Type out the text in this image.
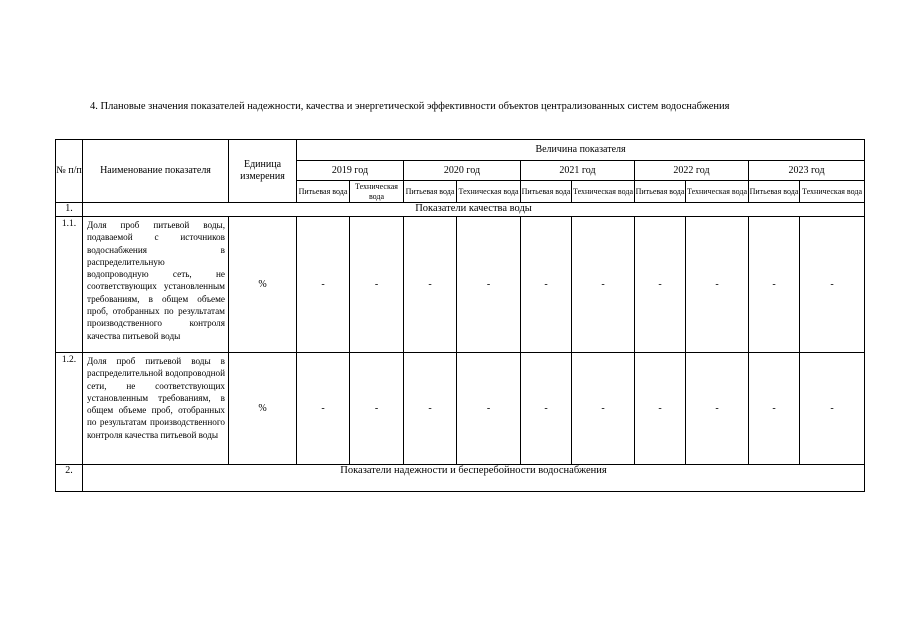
4. Плановые значения показателей надежности, качества и энергетической эффективности объектов централизованных систем водоснабжения
№ п/п	Наименование показателя	Единица измерения	Величина показателя									
			2019 год		2020 год		2021 год		2022 год		2023 год	
			Питьевая вода	Техническая вода	Питьевая вода	Техническая вода	Питьевая вода	Техническая вода	Питьевая вода	Техническая вода	Питьевая вода	Техническая вода
1.	Показатели качества воды											
1.1.	Доля проб питьевой воды, подаваемой с источников водоснабжения в распределительную водопроводную сеть, не соответствующих установленным требованиям, в общем объеме проб, отобранных по результатам производственного контроля качества питьевой воды	%	-	-	-	-	-	-	-	-	-	-
1.2.	Доля проб питьевой воды в распределительной водопроводной сети, не соответствующих установленным требованиям, в общем объеме проб, отобранных по результатам производственного контроля качества питьевой воды	%	-	-	-	-	-	-	-	-	-	-
2.	Показатели надежности и бесперебойности водоснабжения											
